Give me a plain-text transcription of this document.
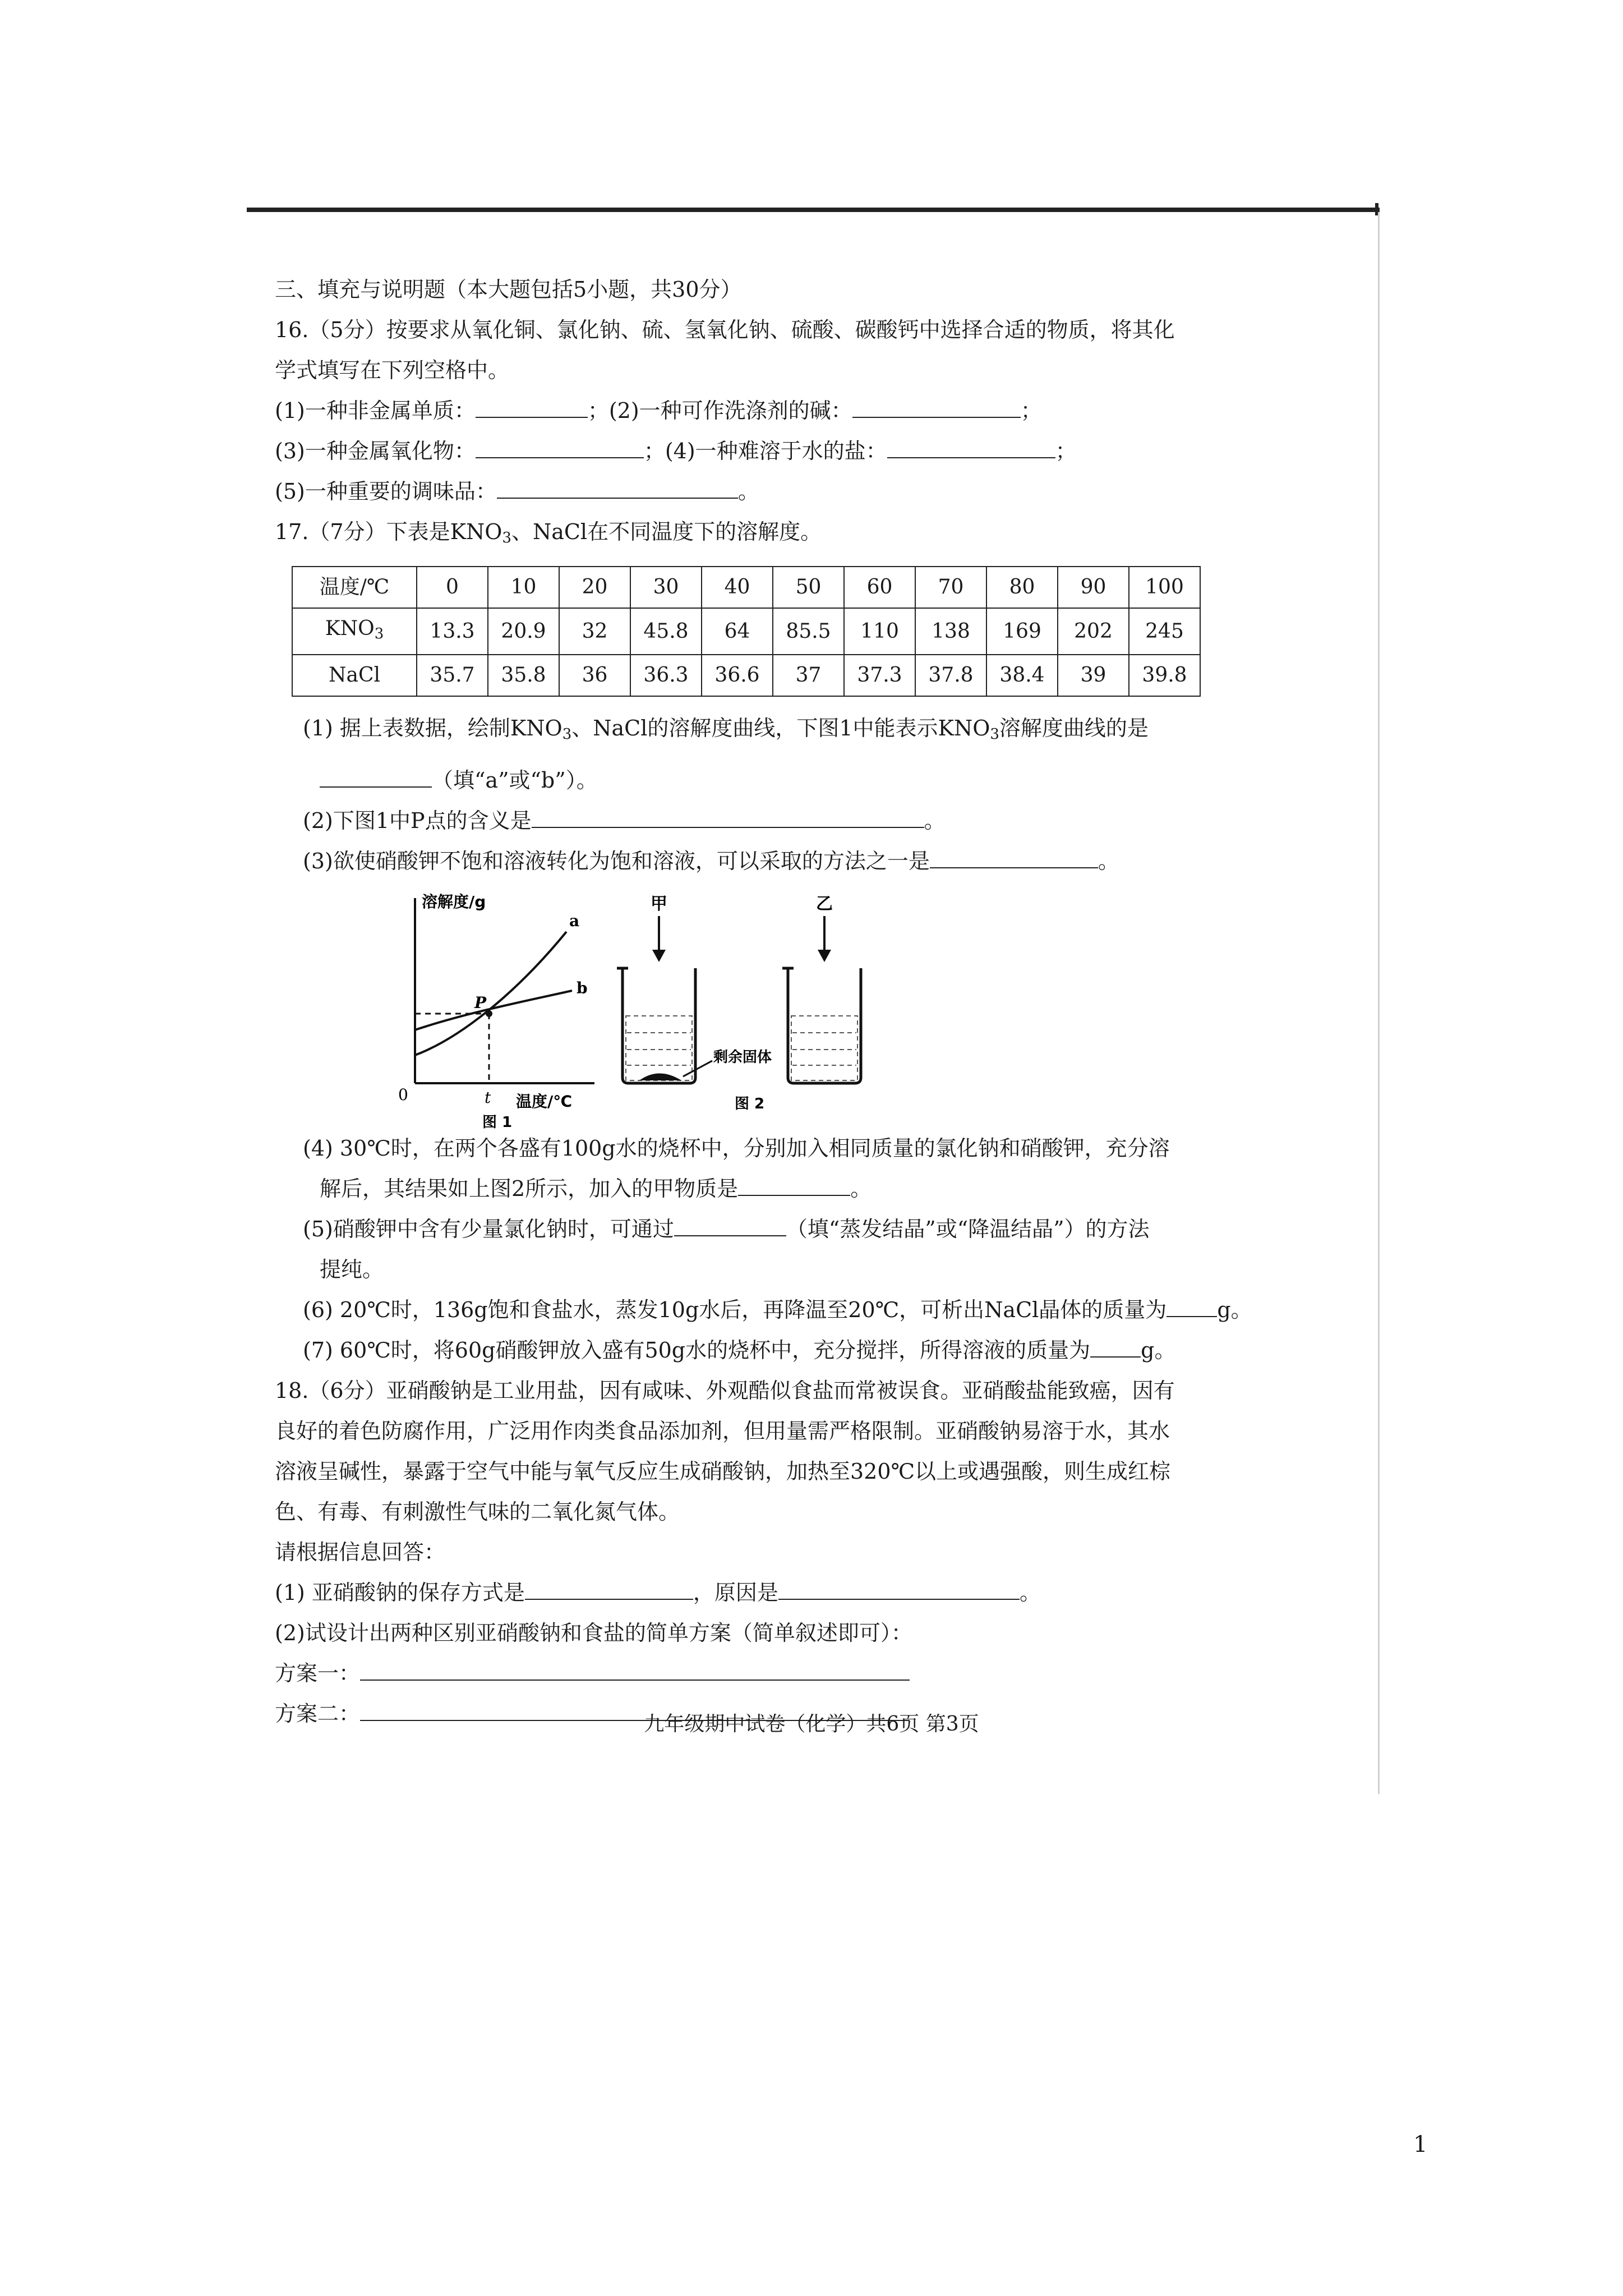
三、填充与说明题（本大题包括5小题，共30分）
16.（5分）按要求从氧化铜、氯化钠、硫、氢氧化钠、硫酸、碳酸钙中选择合适的物质，将其化
学式填写在下列空格中。
(1)一种非金属单质：	；(2)一种可作洗涤剂的碱：	；
(3)一种金属氧化物：	；(4)一种难溶于水的盐：	；
(5)一种重要的调味品：	。
17.（7分）下表是$KNO_3$、NaCl在不同温度下的溶解度。
温度/℃	0	10	20	30	40	50	60	70	80	90	100
$KNO_3$	13.3	20.9	32	45.8	64	85.5	110	138	169	202	245
NaCl	35.7	35.8	36	36.3	36.6	37	37.3	37.8	38.4	39	39.8
(1) 据上表数据，绘制$KNO_3$、NaCl的溶解度曲线，下图1中能表示$KNO_3$溶解度曲线的是
（填“a”或“b”）。
(2)下图1中P点的含义是	。
(3)欲使硝酸钾不饱和溶液转化为饱和溶液，可以采取的方法之一是	。
溶解度/g
温度/℃
0	t
P
a
b
图 1
甲
剩余固体
乙
图 2
(4) 30℃时，在两个各盛有100g水的烧杯中，分别加入相同质量的氯化钠和硝酸钾，充分溶
解后，其结果如上图2所示，加入的甲物质是	。
(5)硝酸钾中含有少量氯化钠时，可通过	（填“蒸发结晶”或“降温结晶”）的方法
提纯。
(6) 20℃时，136g饱和食盐水，蒸发10g水后，再降温至20℃，可析出NaCl晶体的质量为 g。
(7) 60℃时，将60g硝酸钾放入盛有50g水的烧杯中，充分搅拌，所得溶液的质量为 g。
18.（6分）亚硝酸钠是工业用盐，因有咸味、外观酷似食盐而常被误食。亚硝酸盐能致癌，因有
良好的着色防腐作用，广泛用作肉类食品添加剂，但用量需严格限制。亚硝酸钠易溶于水，其水
溶液呈碱性，暴露于空气中能与氧气反应生成硝酸钠，加热至320℃以上或遇强酸，则生成红棕
色、有毒、有刺激性气味的二氧化氮气体。
请根据信息回答：
(1) 亚硝酸钠的保存方式是	，原因是	。
(2)试设计出两种区别亚硝酸钠和食盐的简单方案（简单叙述即可）：
方案一：
方案二：	九年级期中试卷（化学）共6页 第3页
1
